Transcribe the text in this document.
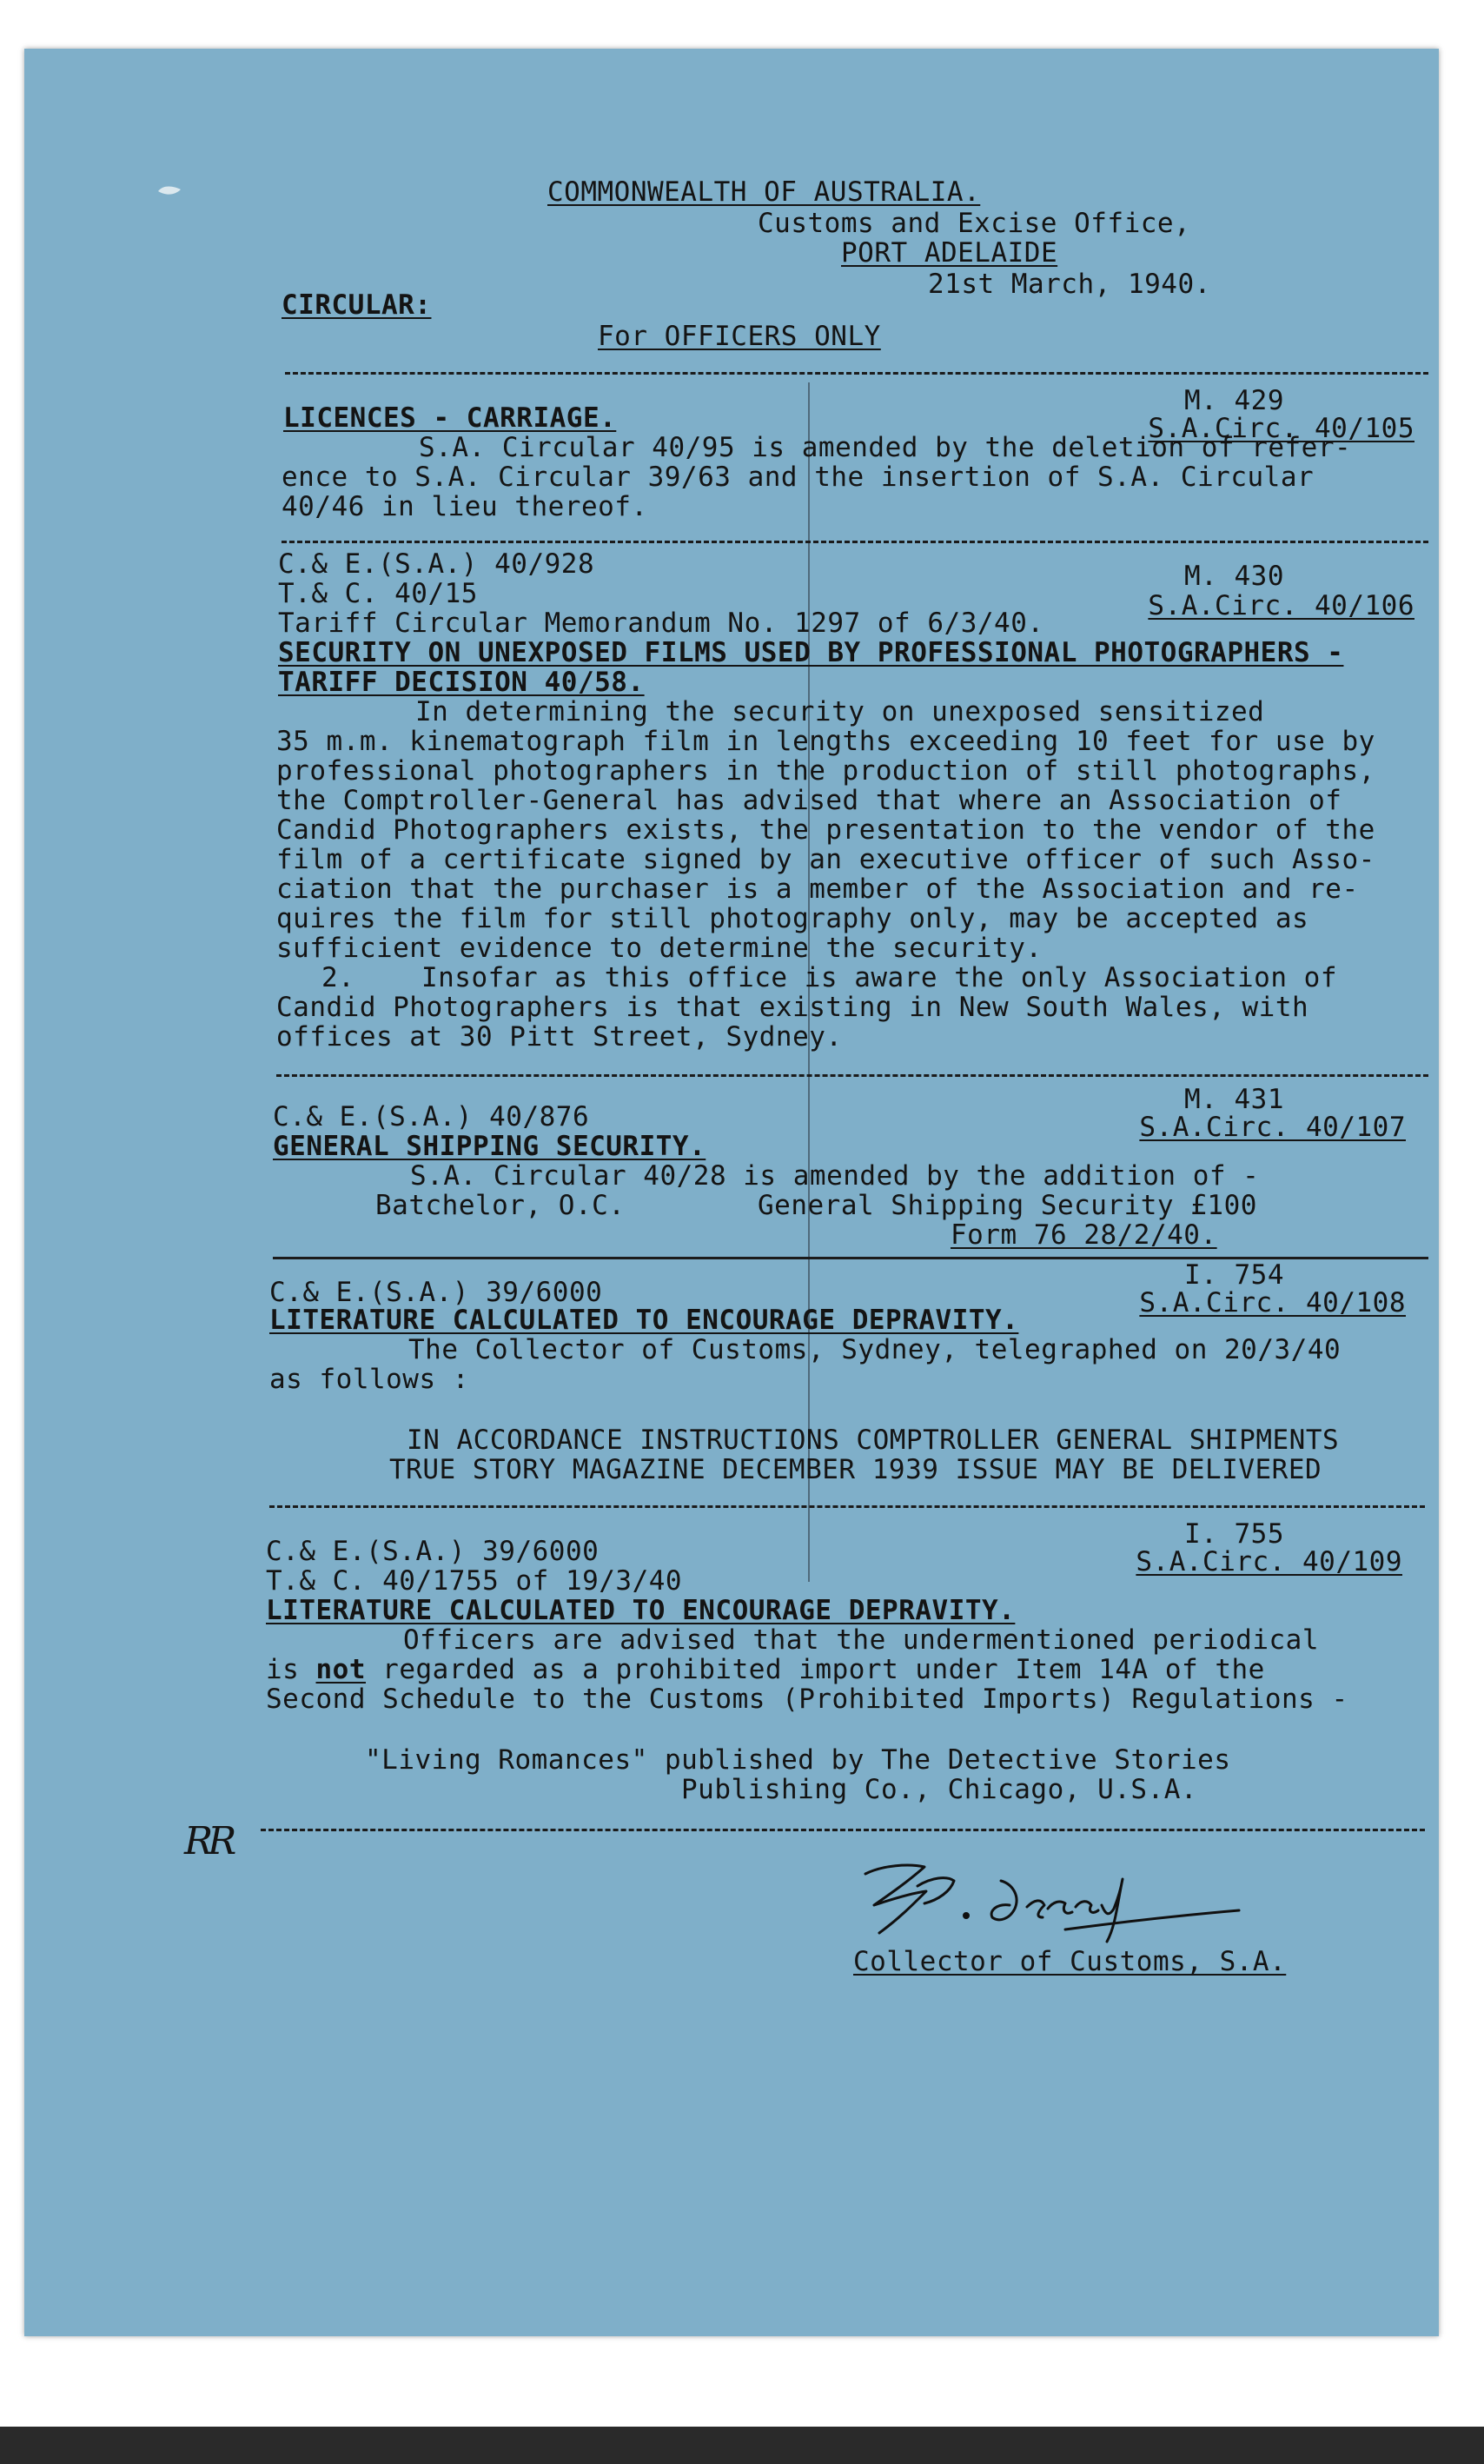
COMMONWEALTH OF AUSTRALIA.
Customs and Excise Office,
PORT ADELAIDE
21st March, 1940.
CIRCULAR:
For OFFICERS ONLY
M. 429
LICENCES - CARRIAGE.	S.A.Circ. 40/105
S.A. Circular 40/95 is amended by the deletion of refer-
ence to S.A. Circular 39/63 and the insertion of S.A. Circular
40/46 in lieu thereof.
C.& E.(S.A.) 40/928	M. 430
T.& C. 40/15	S.A.Circ. 40/106
Tariff Circular Memorandum No. 1297 of 6/3/40.
SECURITY ON UNEXPOSED FILMS USED BY PROFESSIONAL PHOTOGRAPHERS -
TARIFF DECISION 40/58.
In determining the security on unexposed sensitized
35 m.m. kinematograph film in lengths exceeding 10 feet for use by
professional photographers in the production of still photographs,
the Comptroller-General has advised that where an Association of
Candid Photographers exists, the presentation to the vendor of the
film of a certificate signed by an executive officer of such Asso-
ciation that the purchaser is a member of the Association and re-
quires the film for still photography only, may be accepted as
sufficient evidence to determine the security.
2.    Insofar as this office is aware the only Association of
Candid Photographers is that existing in New South Wales, with
offices at 30 Pitt Street, Sydney.
M. 431
C.& E.(S.A.) 40/876	S.A.Circ. 40/107
GENERAL SHIPPING SECURITY.
S.A. Circular 40/28 is amended by the addition of -
Batchelor, O.C.	General Shipping Security £100
Form 76 28/2/40.
I. 754
C.& E.(S.A.) 39/6000	S.A.Circ. 40/108
LITERATURE CALCULATED TO ENCOURAGE DEPRAVITY.
The Collector of Customs, Sydney, telegraphed on 20/3/40
as follows :
IN ACCORDANCE INSTRUCTIONS COMPTROLLER GENERAL SHIPMENTS
TRUE STORY MAGAZINE DECEMBER 1939 ISSUE MAY BE DELIVERED
I. 755
C.& E.(S.A.) 39/6000	S.A.Circ. 40/109
T.& C. 40/1755 of 19/3/40
LITERATURE CALCULATED TO ENCOURAGE DEPRAVITY.
Officers are advised that the undermentioned periodical
is not regarded as a prohibited import under Item 14A of the
Second Schedule to the Customs (Prohibited Imports) Regulations -
"Living Romances" published by The Detective Stories
Publishing Co., Chicago, U.S.A.
RR
Collector of Customs, S.A.
